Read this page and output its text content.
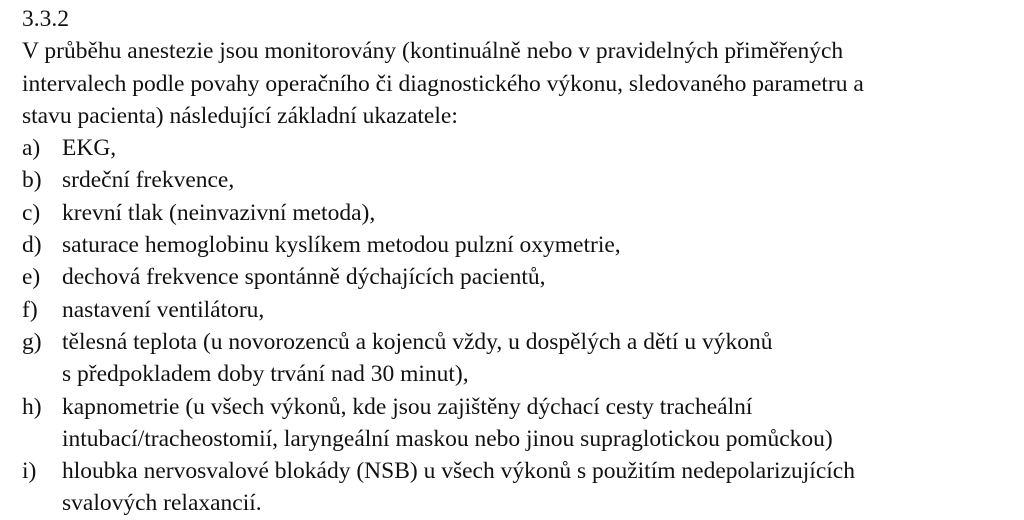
3.3.2
V průběhu anestezie jsou monitorovány (kontinuálně nebo v pravidelných přiměřených
intervalech podle povahy operačního či diagnostického výkonu, sledovaného parametru a
stavu pacienta) následující základní ukazatele:
a) EKG,
b) srdeční frekvence,
c) krevní tlak (neinvazivní metoda),
d) saturace hemoglobinu kyslíkem metodou pulzní oxymetrie,
e) dechová frekvence spontánně dýchajících pacientů,
f)	nastavení ventilátoru,
g) tělesná teplota (u novorozenců a kojenců vždy, u dospělých a dětí u výkonů
s předpokladem doby trvání nad 30 minut),
h) kapnometrie (u všech výkonů, kde jsou zajištěny dýchací cesty tracheální
intubací/tracheostomií, laryngeální maskou nebo jinou supraglotickou pomůckou)
i)	hloubka nervosvalové blokády (NSB) u všech výkonů s použitím nedepolarizujících
svalových relaxancií.
